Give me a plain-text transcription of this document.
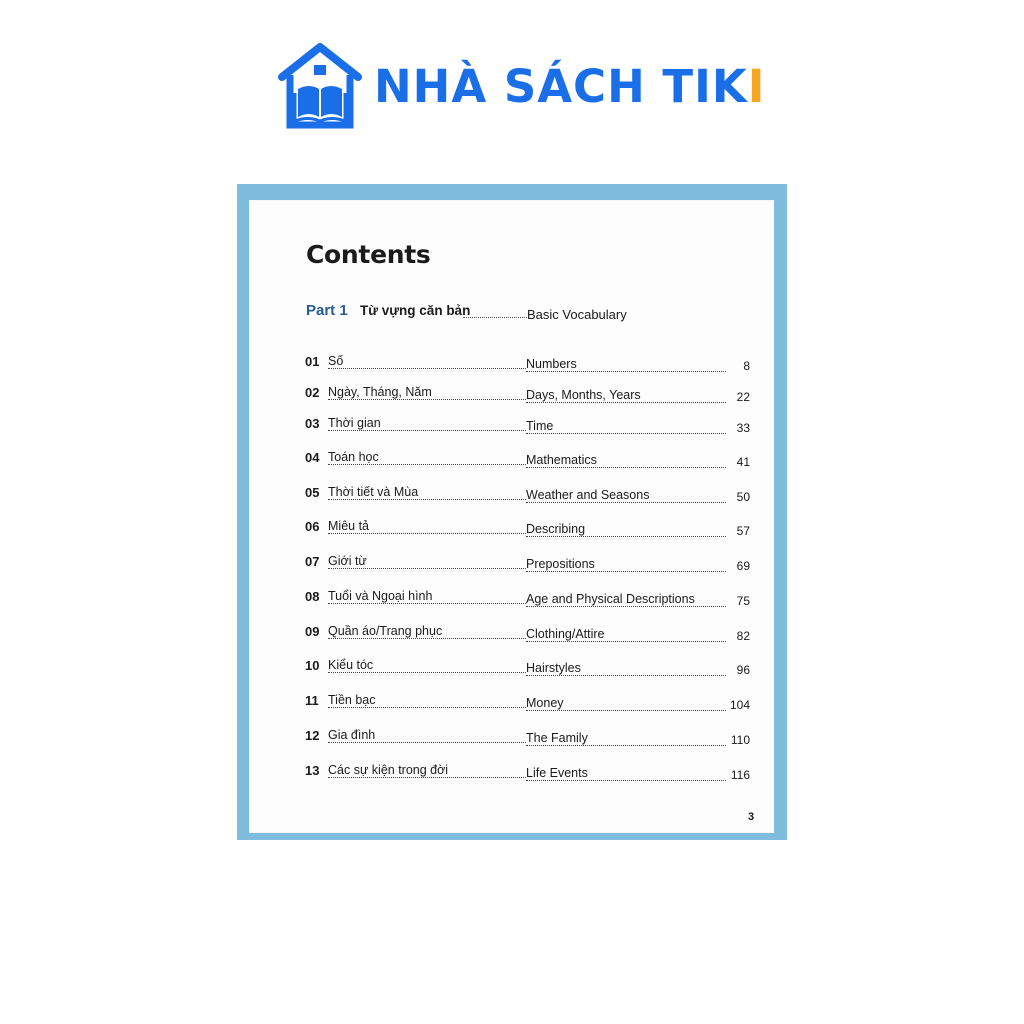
NHÀ SÁCH TIKI
Contents
Part 1 Từ vựng căn bản	Basic Vocabulary
01 Số	Numbers	8
02 Ngày, Tháng, Năm	Days, Months, Years	22
03 Thời gian	Time	33
04 Toán học	Mathematics	41
05 Thời tiết và Mùa	Weather and Seasons	50
06 Miêu tả	Describing	57
07 Giới từ	Prepositions	69
08 Tuổi và Ngoại hình	Age and Physical Descriptions	75
09 Quần áo/Trang phục	Clothing/Attire	82
10 Kiểu tóc	Hairstyles	96
11 Tiền bạc	Money	104
12 Gia đình	The Family	110
13 Các sự kiện trong đời	Life Events	116
3
